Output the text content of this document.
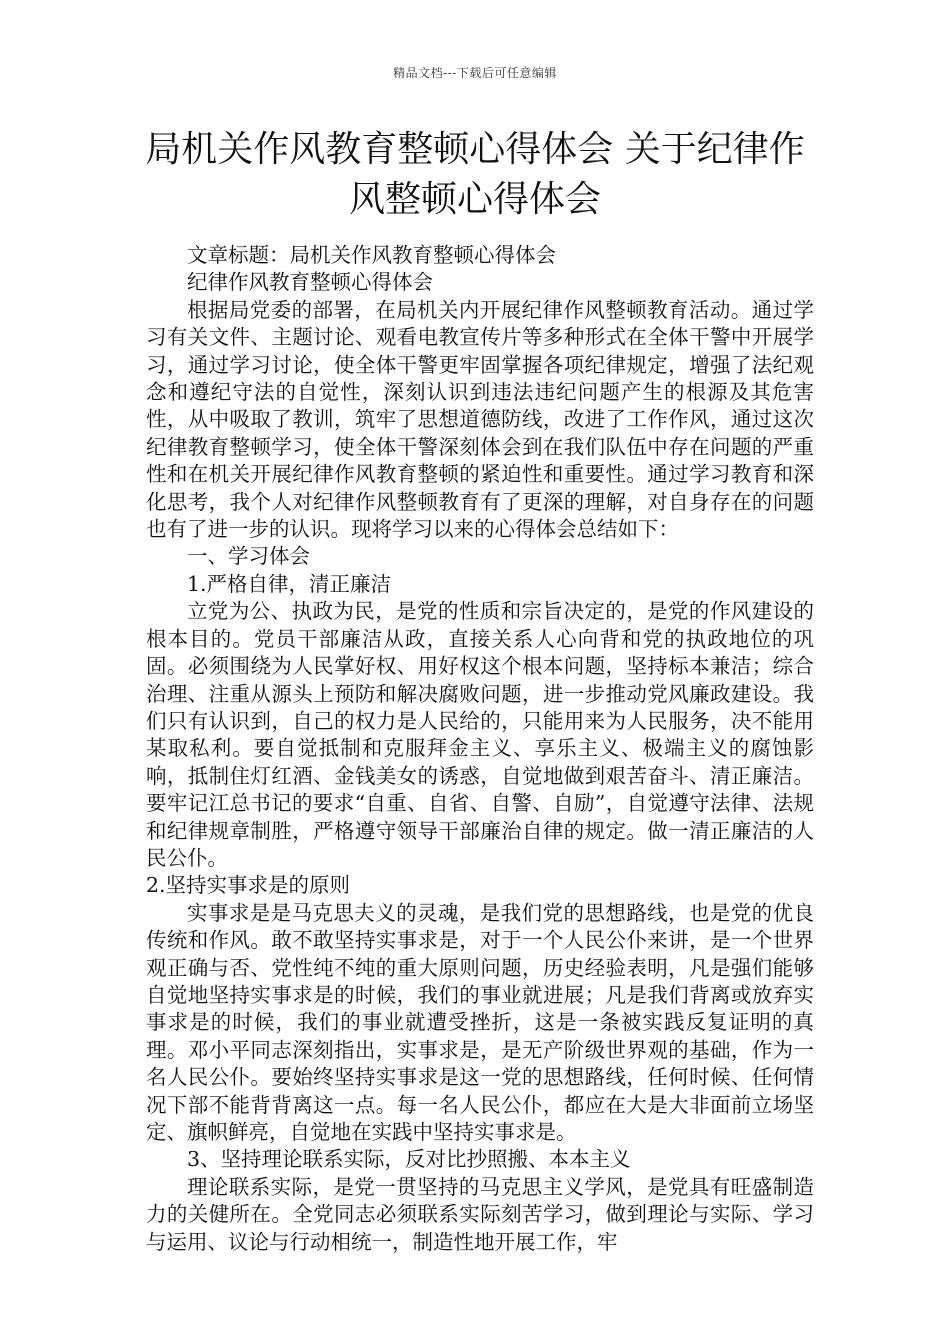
精品文档---下载后可任意编辑
局机关作风教育整顿心得体会 关于纪律作风整顿心得体会

文章标题：局机关作风教育整顿心得体会

纪律作风教育整顿心得体会

根据局党委的部署，在局机关内开展纪律作风整顿教育活动。通过学习有关文件、主题讨论、观看电教宣传片等多种形式在全体干警中开展学习，通过学习讨论，使全体干警更牢固掌握各项纪律规定，增强了法纪观念和遵纪守法的自觉性，深刻认识到违法违纪问题产生的根源及其危害性，从中吸取了教训，筑牢了思想道德防线，改进了工作作风，通过这次纪律教育整顿学习，使全体干警深刻体会到在我们队伍中存在问题的严重性和在机关开展纪律作风教育整顿的紧迫性和重要性。通过学习教育和深化思考，我个人对纪律作风整顿教育有了更深的理解，对自身存在的问题也有了进一步的认识。现将学习以来的心得体会总结如下：

一、学习体会

1.严格自律，清正廉洁

立党为公、执政为民，是党的性质和宗旨决定的，是党的作风建设的根本目的。党员干部廉洁从政，直接关系人心向背和党的执政地位的巩固。必须围绕为人民掌好权、用好权这个根本问题，坚持标本兼洁；综合治理、注重从源头上预防和解决腐败问题，进一步推动党风廉政建设。我们只有认识到，自己的权力是人民给的，只能用来为人民服务，决不能用某取私利。要自觉抵制和克服拜金主义、享乐主义、极端主义的腐蚀影响，抵制住灯红酒、金钱美女的诱惑，自觉地做到艰苦奋斗、清正廉洁。要牢记江总书记的要求“自重、自省、自警、自励”，自觉遵守法律、法规和纪律规章制胜，严格遵守领导干部廉治自律的规定。做一清正廉洁的人民公仆。

2.坚持实事求是的原则

实事求是是马克思夫义的灵魂，是我们党的思想路线，也是党的优良传统和作风。敢不敢坚持实事求是，对于一个人民公仆来讲，是一个世界观正确与否、党性纯不纯的重大原则问题，历史经验表明，凡是强们能够自觉地坚持实事求是的时候，我们的事业就进展；凡是我们背离或放弃实事求是的时候，我们的事业就遭受挫折，这是一条被实践反复证明的真理。邓小平同志深刻指出，实事求是，是无产阶级世界观的基础，作为一名人民公仆。要始终坚持实事求是这一党的思想路线，任何时候、任何情况下部不能背背离这一点。每一名人民公仆，都应在大是大非面前立场坚定、旗帜鲜亮，自觉地在实践中坚持实事求是。

3、坚持理论联系实际，反对比抄照搬、本本主义

理论联系实际，是党一贯坚持的马克思主义学风，是党具有旺盛制造力的关健所在。全党同志必须联系实际刻苦学习，做到理论与实际、学习与运用、议论与行动相统一，制造性地开展工作，牢
